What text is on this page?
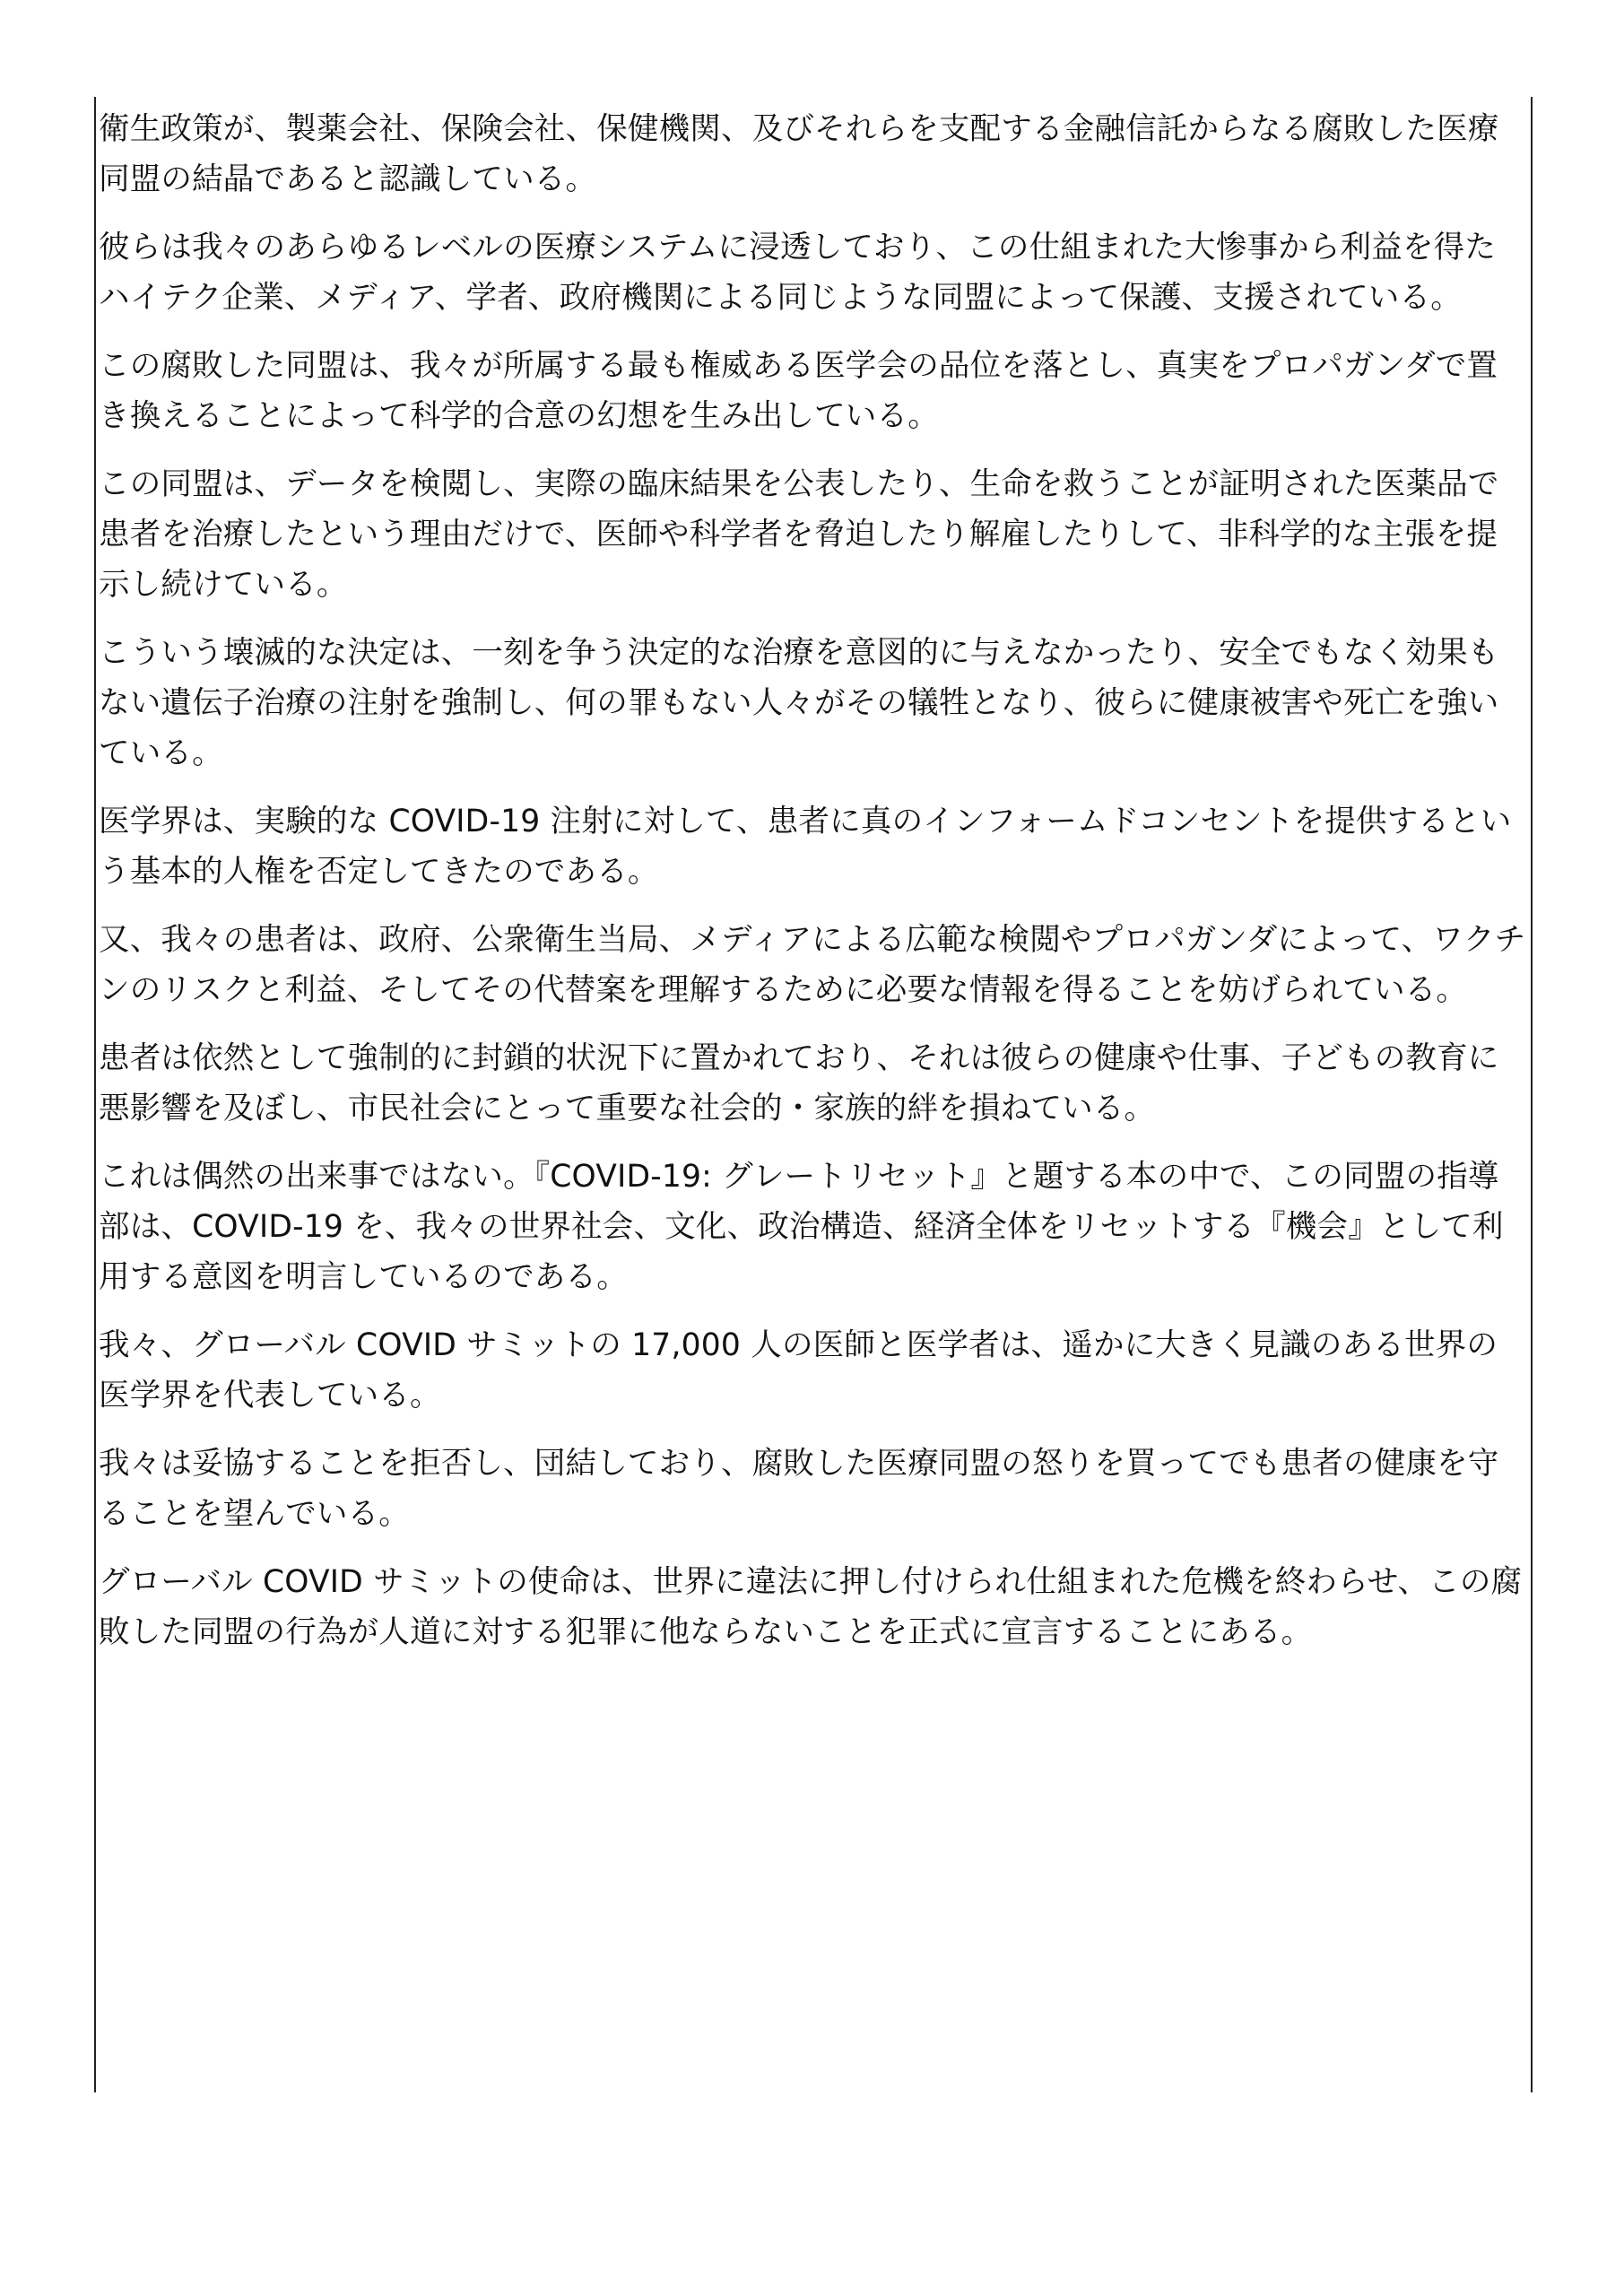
衛生政策が、製薬会社、保険会社、保健機関、及びそれらを支配する金融信託からなる腐敗した医療同盟の結晶であると認識している。

彼らは我々のあらゆるレベルの医療システムに浸透しており、この仕組まれた大惨事から利益を得たハイテク企業、メディア、学者、政府機関による同じような同盟によって保護、支援されている。

この腐敗した同盟は、我々が所属する最も権威ある医学会の品位を落とし、真実をプロパガンダで置き換えることによって科学的合意の幻想を生み出している。

この同盟は、データを検閲し、実際の臨床結果を公表したり、生命を救うことが証明された医薬品で患者を治療したという理由だけで、医師や科学者を脅迫したり解雇したりして、非科学的な主張を提示し続けている。

こういう壊滅的な決定は、一刻を争う決定的な治療を意図的に与えなかったり、安全でもなく効果もない遺伝子治療の注射を強制し、何の罪もない人々がその犠牲となり、彼らに健康被害や死亡を強いている。

医学界は、実験的な COVID-19 注射に対して、患者に真のインフォームドコンセントを提供するという基本的人権を否定してきたのである。

又、我々の患者は、政府、公衆衛生当局、メディアによる広範な検閲やプロパガンダによって、ワクチンのリスクと利益、そしてその代替案を理解するために必要な情報を得ることを妨げられている。

患者は依然として強制的に封鎖的状況下に置かれており、それは彼らの健康や仕事、子どもの教育に悪影響を及ぼし、市民社会にとって重要な社会的・家族的絆を損ねている。

これは偶然の出来事ではない。『COVID-19: グレートリセット』と題する本の中で、この同盟の指導部は、COVID-19 を、我々の世界社会、文化、政治構造、経済全体をリセットする『機会』として利用する意図を明言しているのである。

我々、グローバル COVID サミットの 17,000 人の医師と医学者は、遥かに大きく見識のある世界の医学界を代表している。

我々は妥協することを拒否し、団結しており、腐敗した医療同盟の怒りを買ってでも患者の健康を守ることを望んでいる。

グローバル COVID サミットの使命は、世界に違法に押し付けられ仕組まれた危機を終わらせ、この腐敗した同盟の行為が人道に対する犯罪に他ならないことを正式に宣言することにある。
